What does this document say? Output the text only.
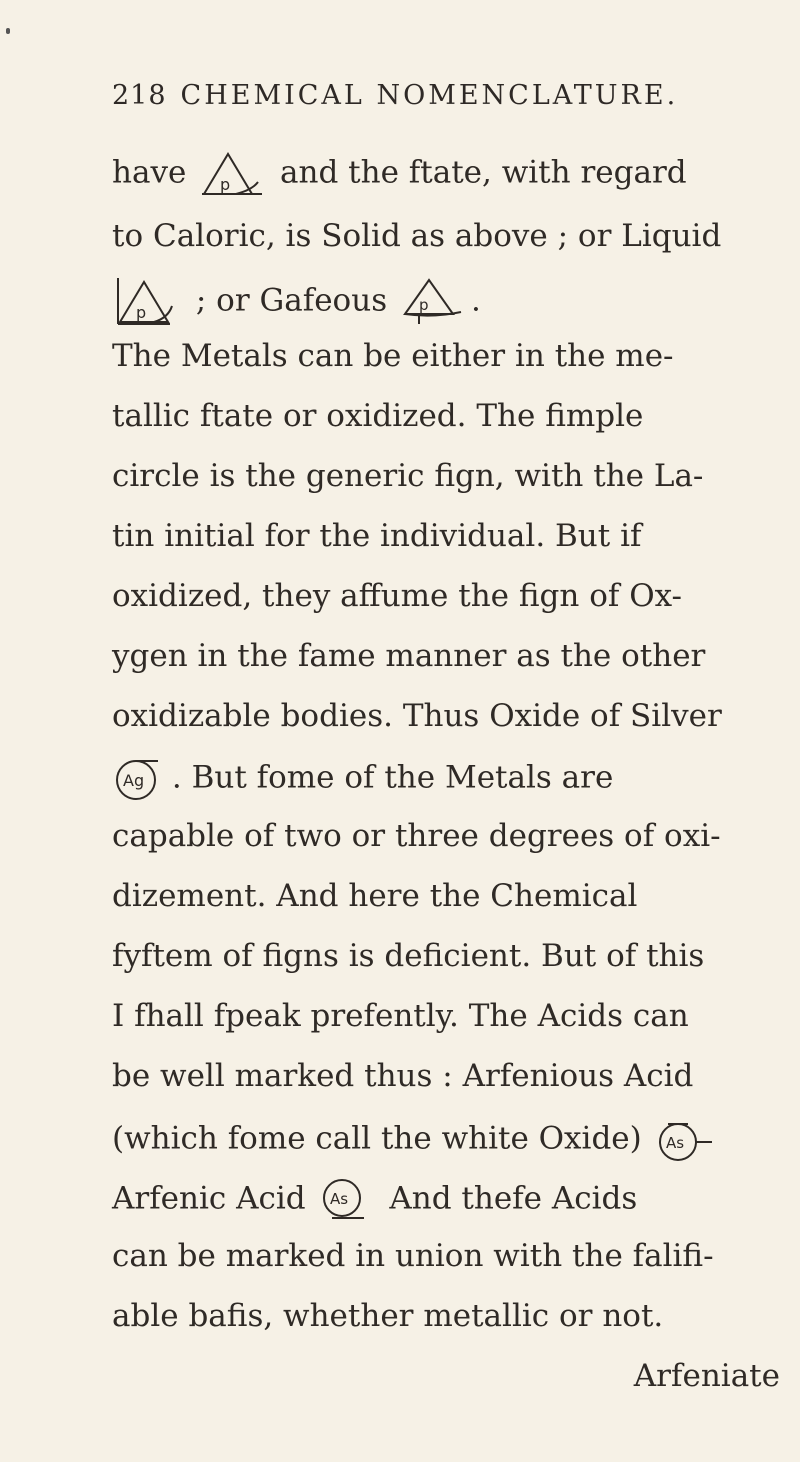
218 CHEMICAL NOMENCLATURE.
have p and the ftate, with regard
to Caloric, is Solid as above ; or Liquid
p ; or Gafeous p .
The Metals can be either in the me-
tallic ftate or oxidized. The fimple
circle is the generic fign, with the La-
tin initial for the individual. But if
oxidized, they affume the fign of Ox-
ygen in the fame manner as the other
oxidizable bodies. Thus Oxide of Silver
Ag . But fome of the Metals are
capable of two or three degrees of oxi-
dizement. And here the Chemical
fyftem of figns is deficient. But of this
I fhall fpeak prefently. The Acids can
be well marked thus : Arfenious Acid
(which fome call the white Oxide) As
Arfenic Acid As And thefe Acids
can be marked in union with the falifi-
able bafis, whether metallic or not.
Arfeniate
